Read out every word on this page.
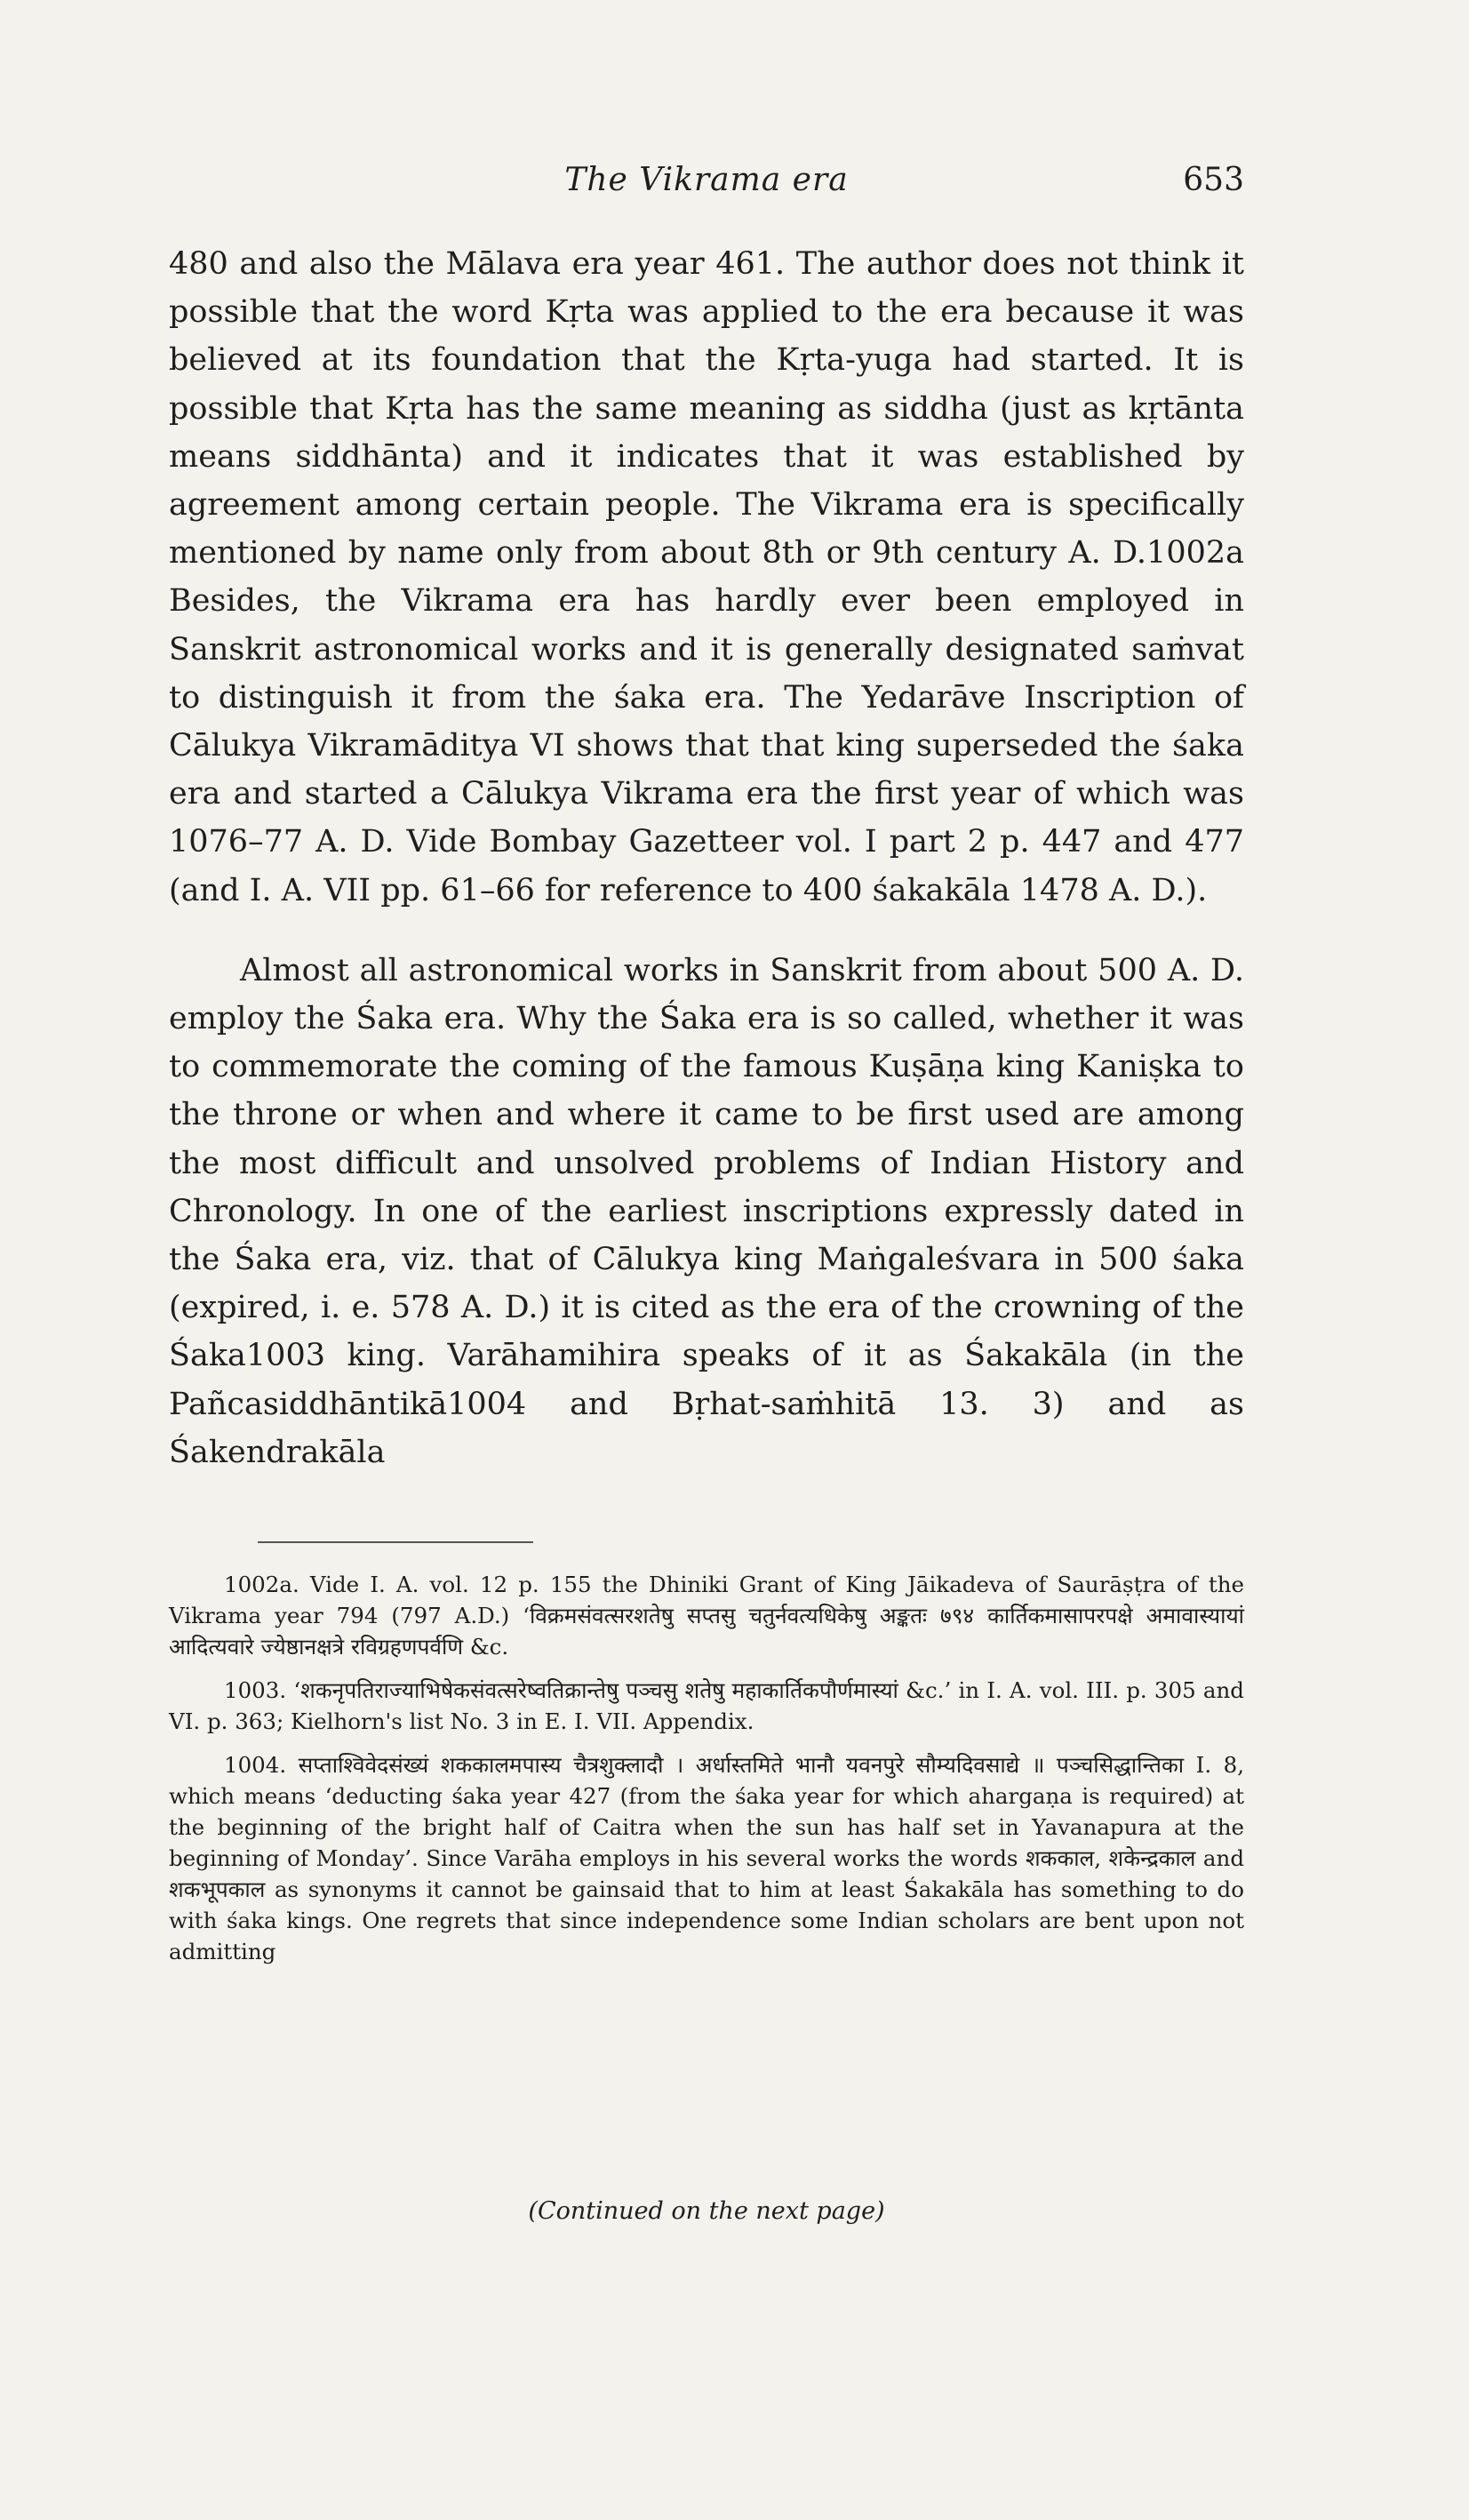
The Vikrama era	653

480 and also the Mālava era year 461. The author does not think it possible that the word Kṛta was applied to the era because it was believed at its foundation that the Kṛta-yuga had started. It is possible that Kṛta has the same meaning as siddha (just as kṛtānta means siddhānta) and it indicates that it was established by agreement among certain people. The Vikrama era is specifically mentioned by name only from about 8th or 9th century A. D.1002a Besides, the Vikrama era has hardly ever been employed in Sanskrit astronomical works and it is generally designated saṁvat to distinguish it from the śaka era. The Yedarāve Inscription of Cālukya Vikramāditya VI shows that that king superseded the śaka era and started a Cālukya Vikrama era the first year of which was 1076–77 A. D. Vide Bombay Gazetteer vol. I part 2 p. 447 and 477 (and I. A. VII pp. 61–66 for reference to 400 śakakāla 1478 A. D.).

Almost all astronomical works in Sanskrit from about 500 A. D. employ the Śaka era. Why the Śaka era is so called, whether it was to commemorate the coming of the famous Kuṣāṇa king Kaniṣka to the throne or when and where it came to be first used are among the most difficult and unsolved problems of Indian History and Chronology. In one of the earliest inscriptions expressly dated in the Śaka era, viz. that of Cālukya king Maṅgaleśvara in 500 śaka (expired, i. e. 578 A. D.) it is cited as the era of the crowning of the Śaka1003 king. Varāhamihira speaks of it as Śakakāla (in the Pañcasiddhāntikā1004 and Bṛhat-saṁhitā 13. 3) and as Śakendrakāla

1002a. Vide I. A. vol. 12 p. 155 the Dhiniki Grant of King Jāikadeva of Saurāṣṭra of the Vikrama year 794 (797 A.D.) ‘विक्रमसंवत्सरशतेषु सप्तसु चतुर्नवत्यधिकेषु अङ्कतः ७९४ कार्तिकमासापरपक्षे अमावास्यायां आदित्यवारे ज्येष्ठानक्षत्रे रविग्रहणपर्वणि &c.

1003. ‘शकनृपतिराज्याभिषेकसंवत्सरेष्वतिक्रान्तेषु पञ्चसु शतेषु महाकार्तिकपौर्णमास्यां &c.’ in I. A. vol. III. p. 305 and VI. p. 363; Kielhorn's list No. 3 in E. I. VII. Appendix.

1004. सप्ताश्विवेदसंख्यं शककालमपास्य चैत्रशुक्लादौ । अर्धास्तमिते भानौ यवनपुरे सौम्यदिवसाद्ये ॥ पञ्चसिद्धान्तिका I. 8, which means ‘deducting śaka year 427 (from the śaka year for which ahargaṇa is required) at the beginning of the bright half of Caitra when the sun has half set in Yavanapura at the beginning of Monday’. Since Varāha employs in his several works the words शककाल, शकेन्द्रकाल and शकभूपकाल as synonyms it cannot be gainsaid that to him at least Śakakāla has something to do with śaka kings. One regrets that since independence some Indian scholars are bent upon not admitting

(Continued on the next page)
